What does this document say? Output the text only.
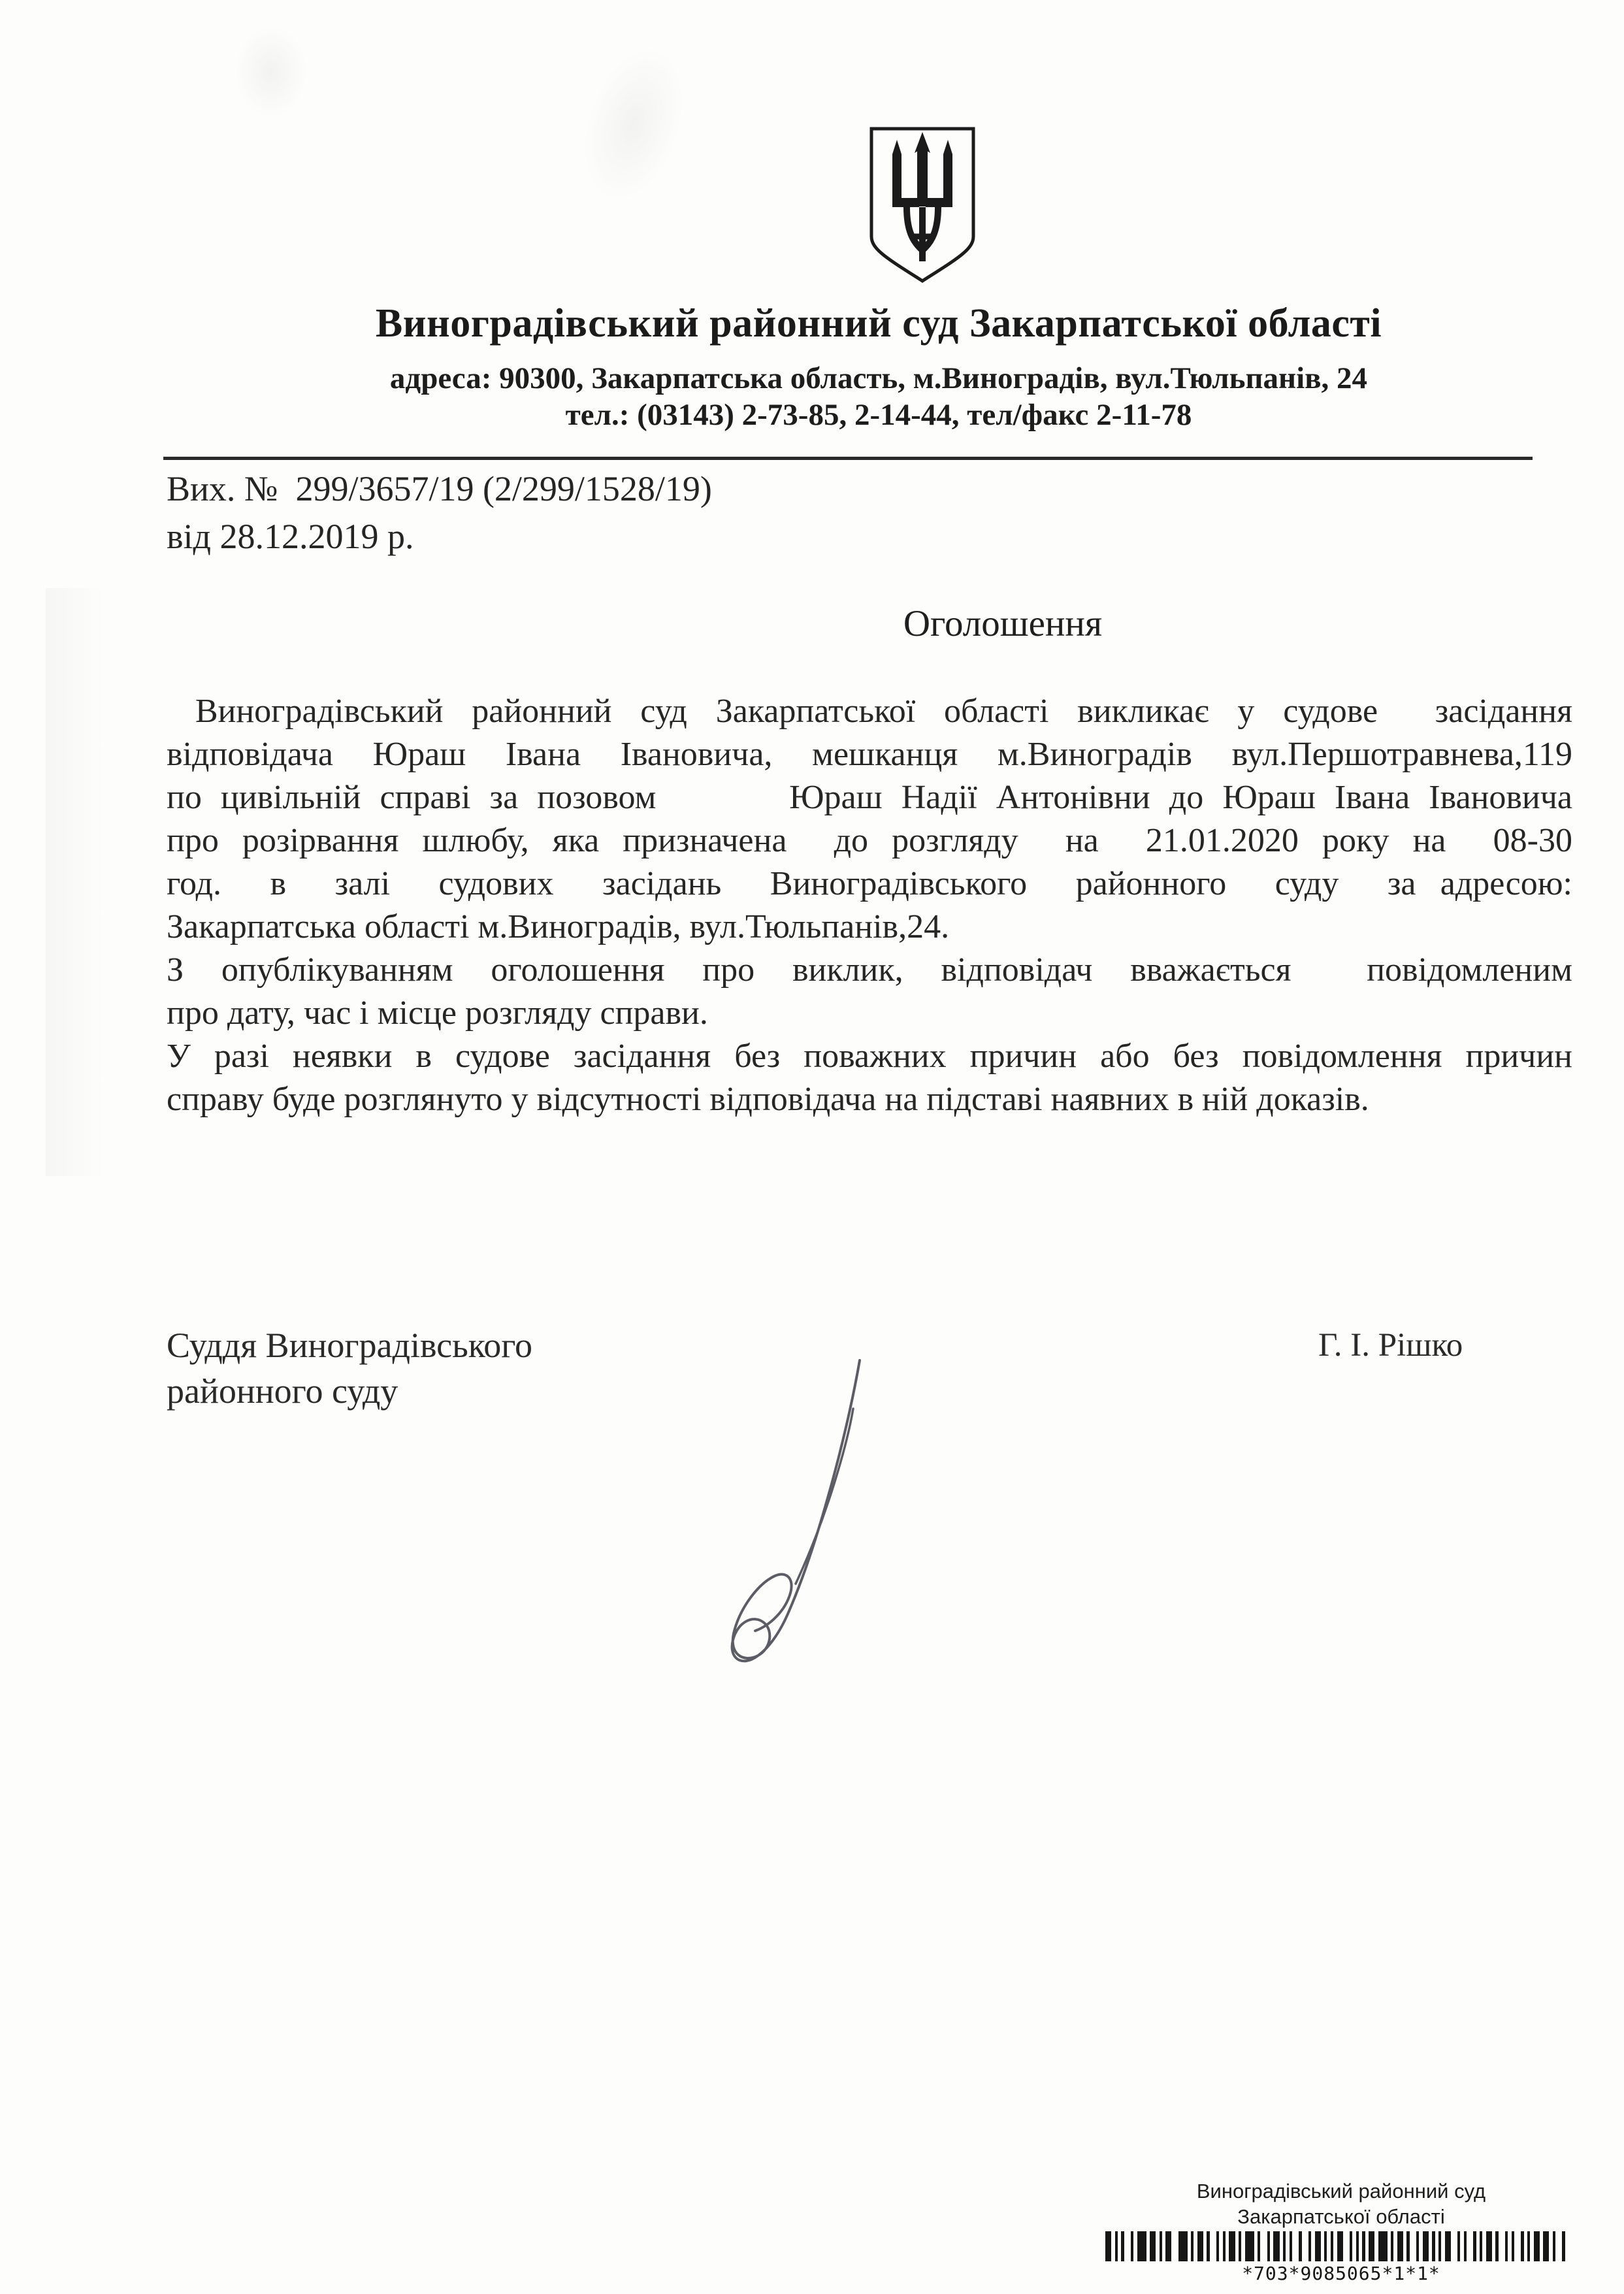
Виноградівський районний суд Закарпатської області
адреса: 90300, Закарпатська область, м.Виноградів, вул.Тюльпанів, 24
тел.: (03143) 2-73-85, 2-14-44, тел/факс 2-11-78
Вих. №  299/3657/19 (2/299/1528/19)
від 28.12.2019 р.
Оголошення
Виноградівський районний суд Закарпатської області викликає у судове  засідання
відповідача Юраш Івана Івановича, мешканця м.Виноградів вул.Першотравнева,119
по цивільній справі за позовом       Юраш Надії Антонівни до Юраш Івана Івановича
про розірвання шлюбу, яка призначена  до розгляду  на  21.01.2020 року на  08-30
год.  в  залі  судових  засідань  Виноградівського  районного  суду  за адресою:
Закарпатська області м.Виноградів, вул.Тюльпанів,24.
З опублікуванням оголошення про виклик, відповідач вважається  повідомленим
про дату, час і місце розгляду справи.
У разі неявки в судове засідання без поважних причин або без повідомлення причин
справу буде розглянуто у відсутності відповідача на підставі наявних в ній доказів.
Суддя Виноградівського
районного суду
Г. І. Рішко
Виноградівський районний суд
Закарпатської області
*703*9085065*1*1*
